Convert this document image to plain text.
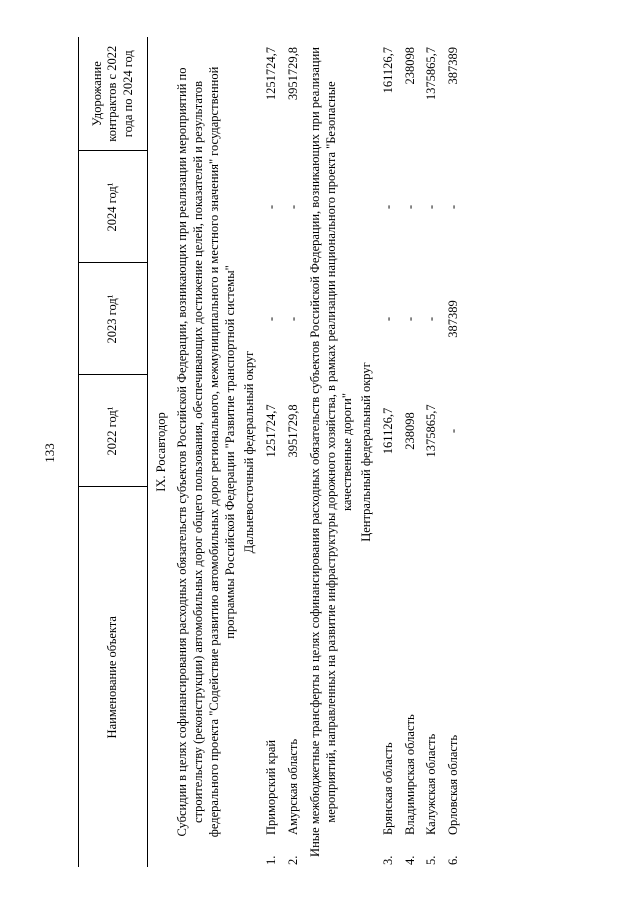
133
Наименование объекта		2022 год¹	2023 год¹	2024 год¹	Удорожание контрактов с 2022 года по 2024 год
IX. Росавтодор					
Субсидии в целях софинансирования расходных обязательств субъектов Российской Федерации, возникающих при реализации мероприятий по строительству (реконструкции) автомобильных дорог общего пользования, обеспечивающих достижение целей, показателей и результатов федерального проекта "Содействие развитию автомобильных дорог регионального, межмуниципального и местного значения" государственной программы Российской Федерации "Развитие транспортной системы"					
Дальневосточный федеральный округ					
1.	Приморский край	1251724,7	-	-	1251724,7
2.	Амурская область	3951729,8	-	-	3951729,8
Иные межбюджетные трансферты в целях софинансирования расходных обязательств субъектов Российской Федерации, возникающих при реализации мероприятий, направленных на развитие инфраструктуры дорожного хозяйства, в рамках реализации национального проекта "Безопасные качественные дороги"					
Центральный федеральный округ					
3.	Брянская область	161126,7	-	-	161126,7
4.	Владимирская область	238098	-	-	238098
5.	Калужская область	1375865,7	-	-	1375865,7
6.	Орловская область	-	387389	-	387389
